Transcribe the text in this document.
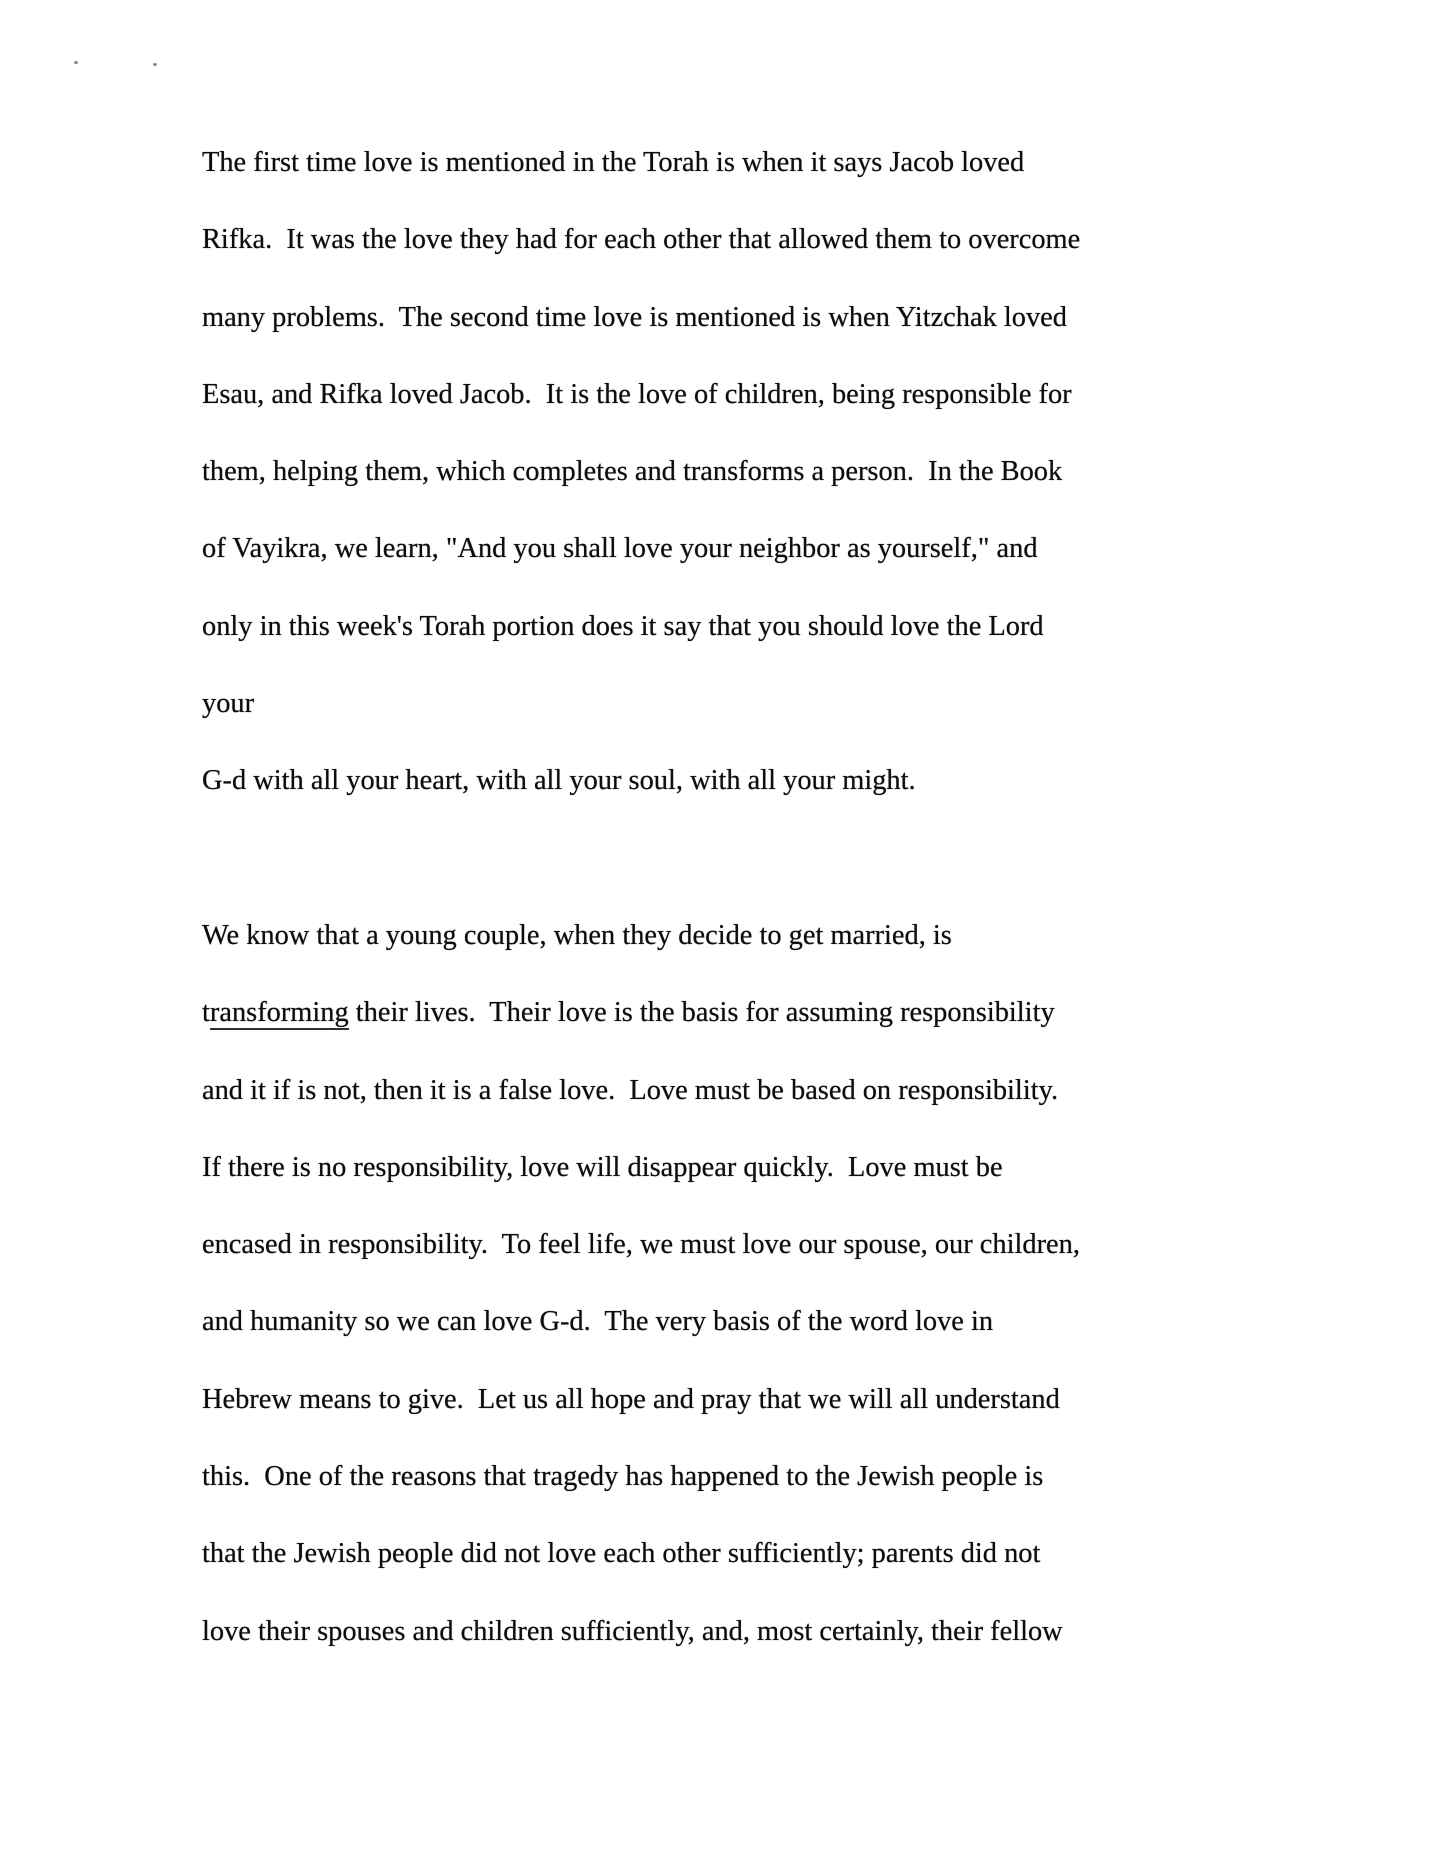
The first time love is mentioned in the Torah is when it says Jacob loved
Rifka.  It was the love they had for each other that allowed them to overcome
many problems.  The second time love is mentioned is when Yitzchak loved
Esau, and Rifka loved Jacob.  It is the love of children, being responsible for
them, helping them, which completes and transforms a person.  In the Book
of Vayikra, we learn, "And you shall love your neighbor as yourself," and
only in this week's Torah portion does it say that you should love the Lord
your
G-d with all your heart, with all your soul, with all your might.
We know that a young couple, when they decide to get married, is
transforming their lives.  Their love is the basis for assuming responsibility
and it if is not, then it is a false love.  Love must be based on responsibility.
If there is no responsibility, love will disappear quickly.  Love must be
encased in responsibility.  To feel life, we must love our spouse, our children,
and humanity so we can love G-d.  The very basis of the word love in
Hebrew means to give.  Let us all hope and pray that we will all understand
this.  One of the reasons that tragedy has happened to the Jewish people is
that the Jewish people did not love each other sufficiently; parents did not
love their spouses and children sufficiently, and, most certainly, their fellow
